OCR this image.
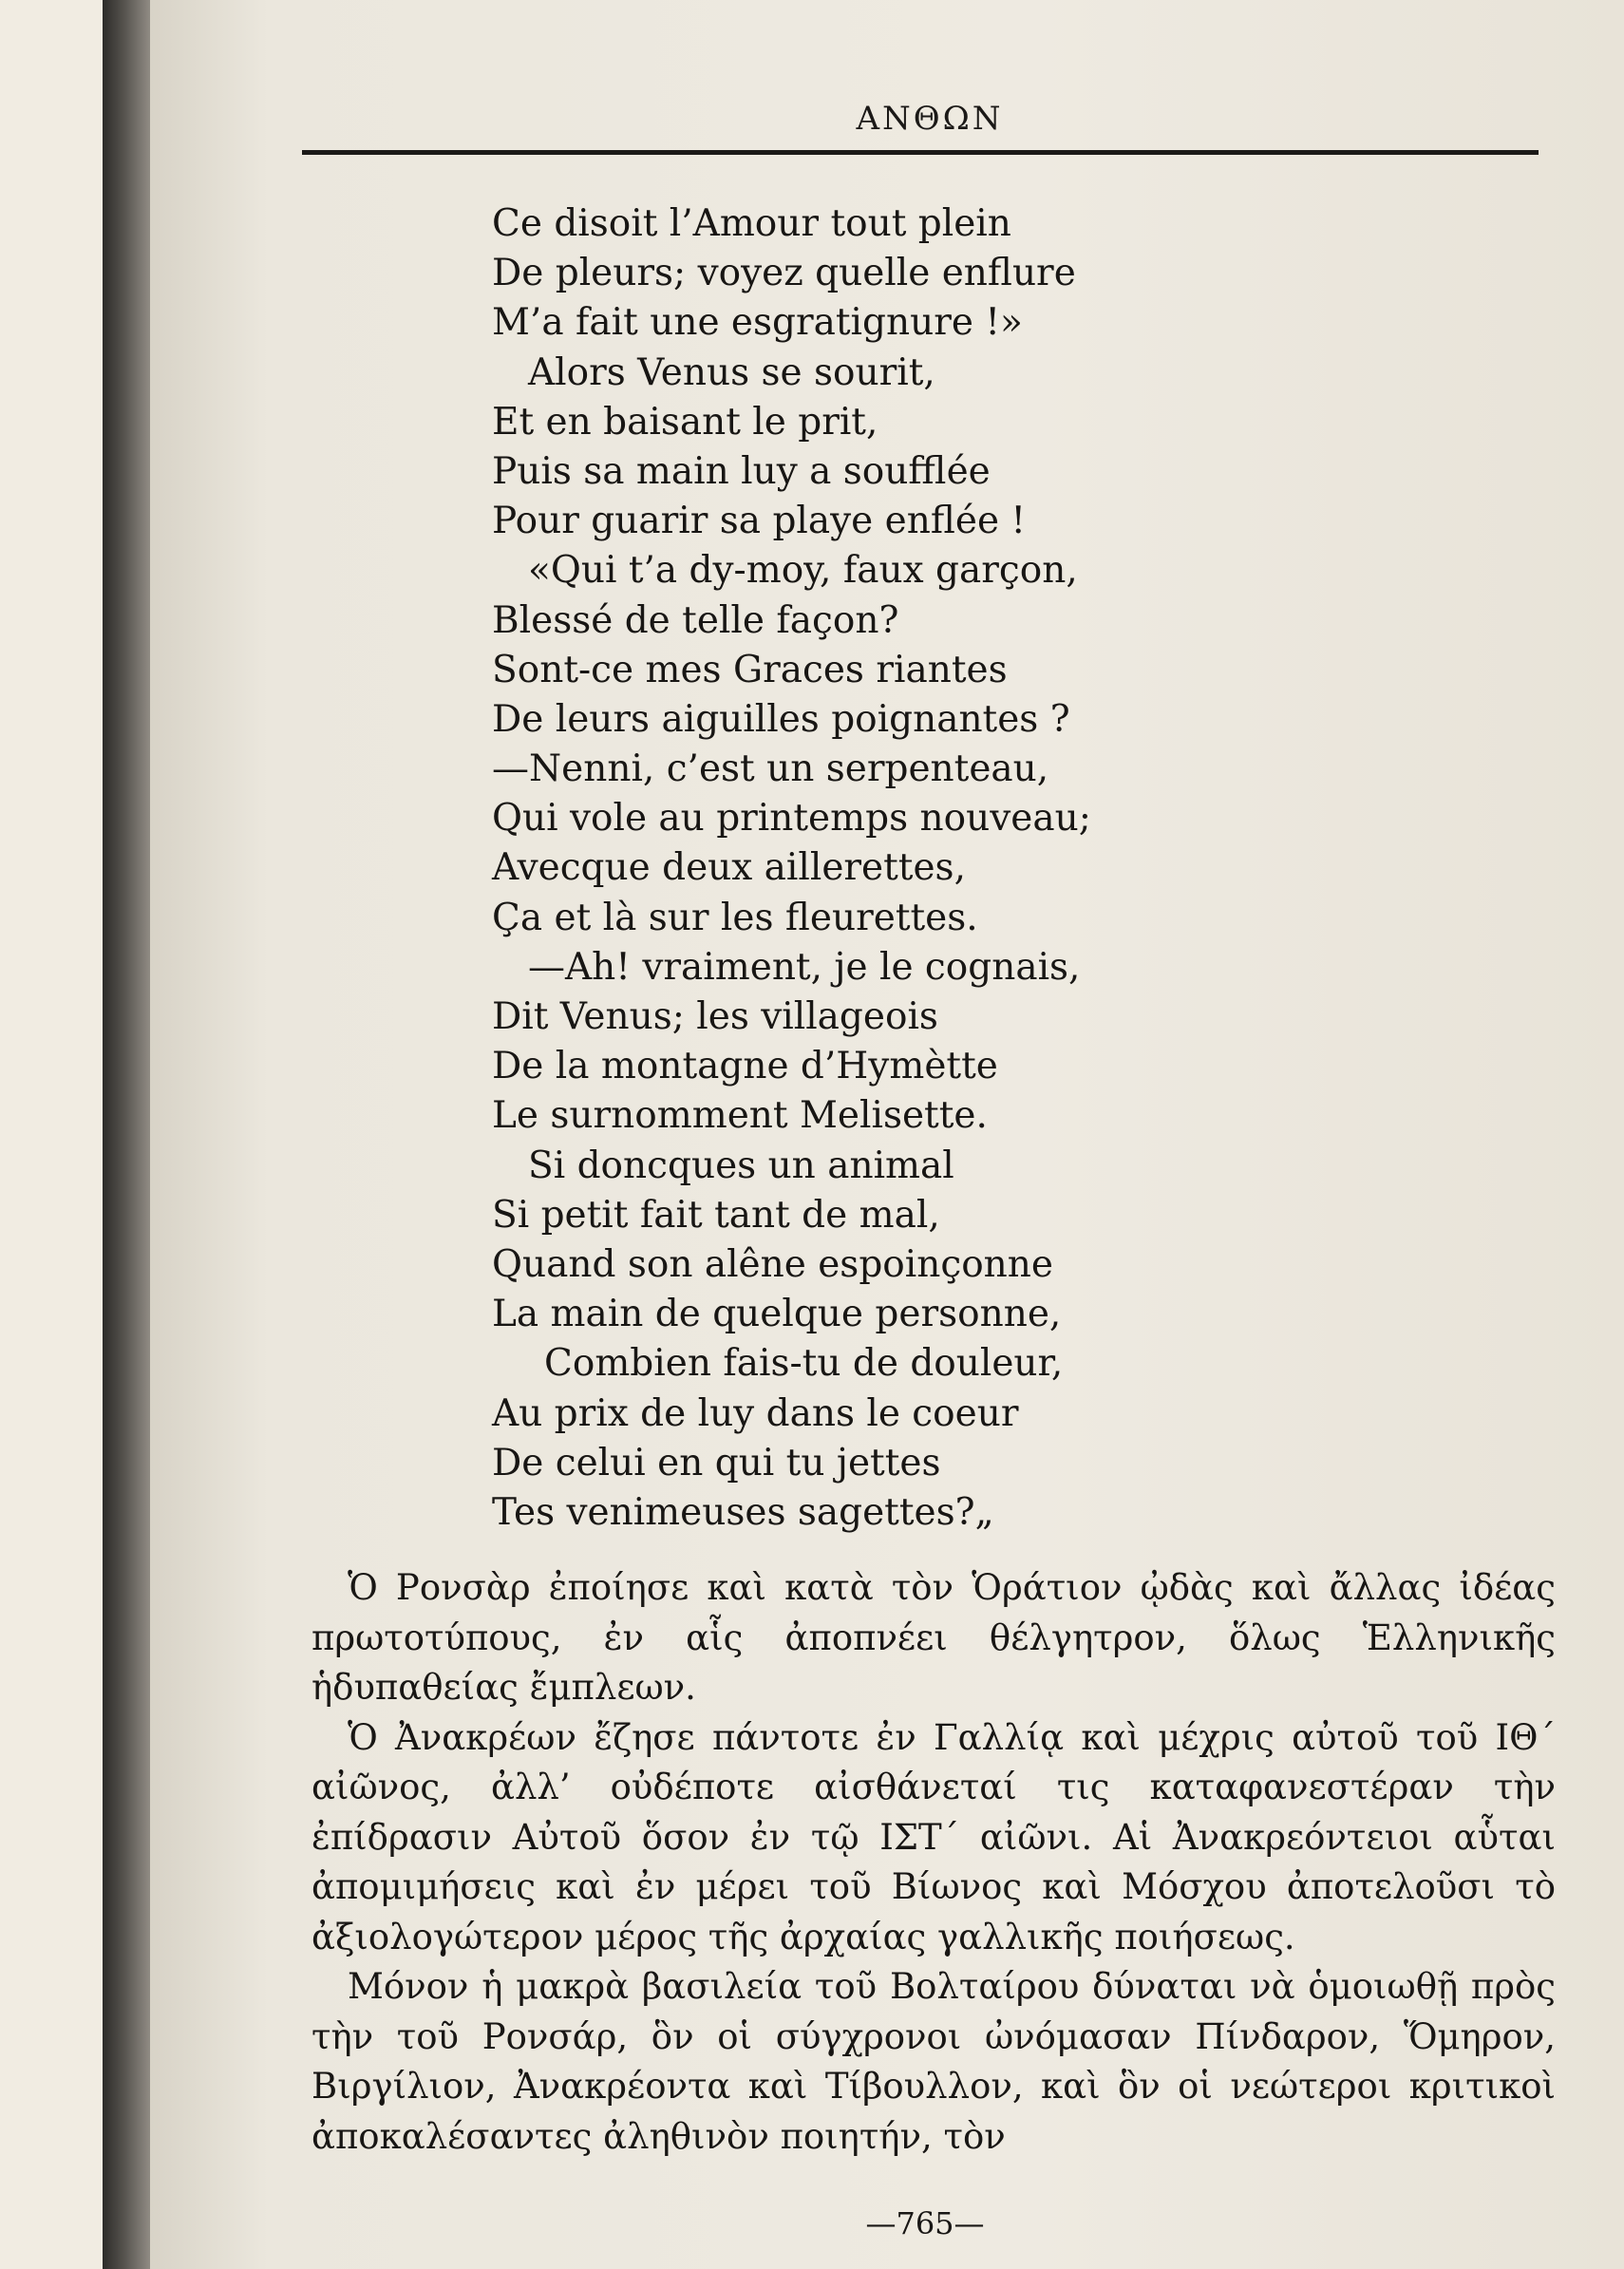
ΑΝΘΩΝ
Ce disoit l’Amour tout plein
De pleurs; voyez quelle enflure
M’a fait une esgratignure !»
Alors Venus se sourit,
Et en baisant le prit,
Puis sa main luy a soufflée
Pour guarir sa playe enflée !
«Qui t’a dy-moy, faux garçon,
Blessé de telle façon?
Sont-ce mes Graces riantes
De leurs aiguilles poignantes ?
—Nenni, c’est un serpenteau,
Qui vole au printemps nouveau;
Avecque deux aillerettes,
Ça et là sur les fleurettes.
—Ah! vraiment, je le cognais,
Dit Venus; les villageois
De la montagne d’Hymètte
Le surnomment Melisette.
Si doncques un animal
Si petit fait tant de mal,
Quand son alêne espoinçonne
La main de quelque personne,
Combien fais-tu de douleur,
Au prix de luy dans le coeur
De celui en qui tu jettes
Tes venimeuses sagettes?„

Ὁ Ρονσὰρ ἐποίησε καὶ κατὰ τὸν Ὁράτιον ᾠδὰς καὶ ἄλλας ἰδέας πρωτοτύπους, ἐν αἷς ἀποπνέει θέλγητρον, ὅλως Ἑλληνικῆς ἡδυπαθείας ἔμπλεων.

Ὁ Ἀνακρέων ἔζησε πάντοτε ἐν Γαλλίᾳ καὶ μέχρις αὐτοῦ τοῦ ΙΘ΄ αἰῶνος, ἀλλ’ οὐδέποτε αἰσθάνεταί τις καταφανεστέραν τὴν ἐπίδρασιν Αὐτοῦ ὅσον ἐν τῷ ΙΣΤ΄ αἰῶνι. Αἱ Ἀνακρεόντειοι αὗται ἀπομιμήσεις καὶ ἐν μέρει τοῦ Βίωνος καὶ Μόσχου ἀποτελοῦσι τὸ ἀξιολογώτερον μέρος τῆς ἀρχαίας γαλλικῆς ποιήσεως.

Μόνον ἡ μακρὰ βασιλεία τοῦ Βολταίρου δύναται νὰ ὁμοιωθῇ πρὸς τὴν τοῦ Ρονσάρ, ὃν οἱ σύγχρονοι ὠνόμασαν Πίνδαρον, Ὅμηρον, Βιργίλιον, Ἀνακρέοντα καὶ Τίβουλλον, καὶ ὃν οἱ νεώτεροι κριτικοὶ ἀποκαλέσαντες ἀληθινὸν ποιητήν, τὸν

—765—
